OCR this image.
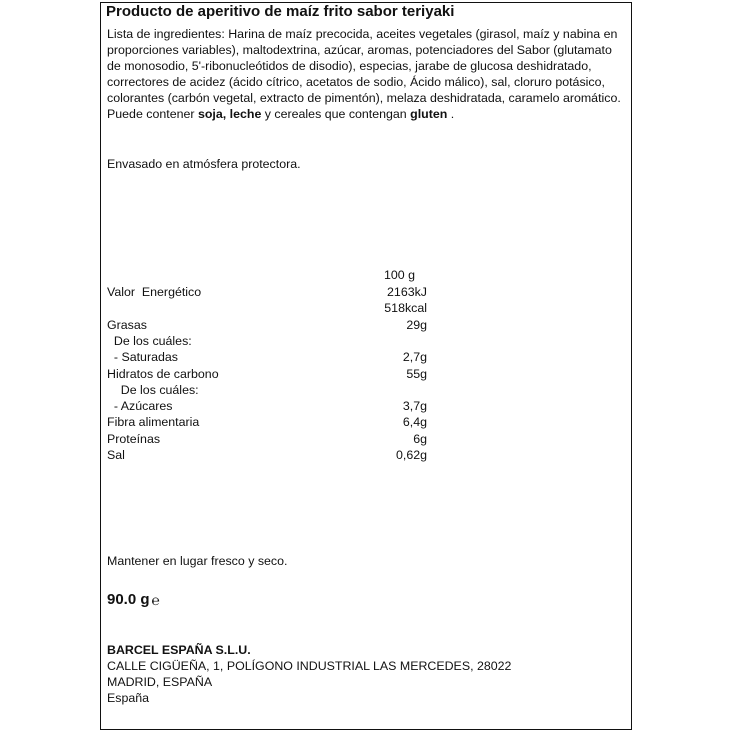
Producto de aperitivo de maíz frito sabor teriyaki

Lista de ingredientes: Harina de maíz precocida, aceites vegetales (girasol, maíz y nabina en proporciones variables), maltodextrina, azúcar, aromas, potenciadores del Sabor (glutamato de monosodio, 5'-ribonucleótidos de disodio), especias, jarabe de glucosa deshidratado, correctores de acidez (ácido cítrico, acetatos de sodio, Ácido málico), sal, cloruro potásico, colorantes (carbón vegetal, extracto de pimentón), melaza deshidratada, caramelo aromático. Puede contener soja, leche y cereales que contengan gluten .

Envasado en atmósfera protectora.

100 g
Valor  Energético	2163kJ
518kcal
Grasas	29g
De los cuáles:
- Saturadas	2,7g
Hidratos de carbono	55g
De los cuáles:
- Azúcares	3,7g
Fibra alimentaria	6,4g
Proteínas	6g
Sal	0,62g

Mantener en lugar fresco y seco.

90.0 g ℮

BARCEL ESPAÑA S.L.U.

CALLE CIGÜEÑA, 1, POLÍGONO INDUSTRIAL LAS MERCEDES, 28022

MADRID, ESPAÑA

España
